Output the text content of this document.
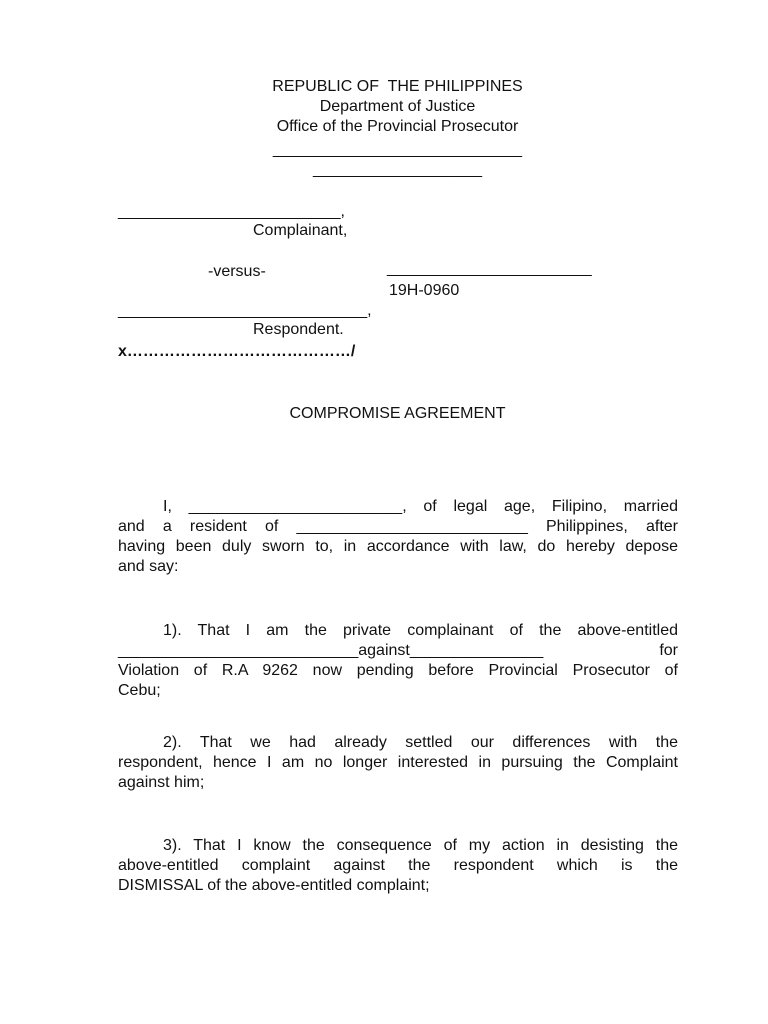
REPUBLIC OF  THE PHILIPPINES
Department of Justice
Office of the Provincial Prosecutor
____________________________
___________________
_________________________,
Complainant,
-versus-	_______________________
19H-0960
____________________________,
Respondent.
x……………………………………/
COMPROMISE AGREEMENT
I, ________________________, of legal age, Filipino, married
and a resident of __________________________ Philippines, after
having been duly sworn to, in accordance with law, do hereby depose
and say:
1). That I am the private complainant of the above-entitled
___________________________against_______________ for
Violation of R.A 9262 now pending before Provincial Prosecutor of
Cebu;
2). That we had already settled our differences with the
respondent, hence I am no longer interested in pursuing the Complaint
against him;
3). That I know the consequence of my action in desisting the
above-entitled complaint against the respondent which is the
DISMISSAL of the above-entitled complaint;
